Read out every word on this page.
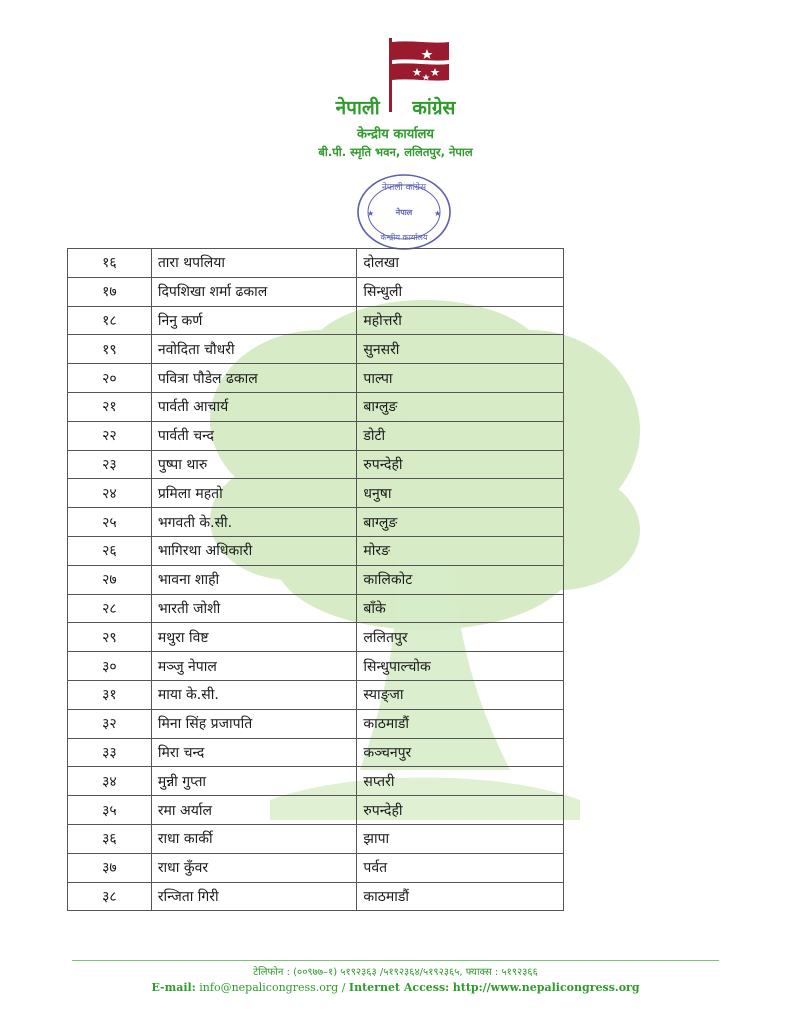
नेपाली कांग्रेस
केन्द्रीय कार्यालय
बी.पी. स्मृति भवन, ललितपुर, नेपाल
नेपाली कांग्रेस
नेपाल
केन्द्रीय कार्यालय
★	★
१६	तारा थपलिया	दोलखा
१७	दिपशिखा शर्मा ढकाल	सिन्धुली
१८	निनु कर्ण	महोत्तरी
१९	नवोदिता चौधरी	सुनसरी
२०	पवित्रा पौडेल ढकाल	पाल्पा
२१	पार्वती आचार्य	बाग्लुङ
२२	पार्वती चन्द	डोटी
२३	पुष्पा थारु	रुपन्देही
२४	प्रमिला महतो	धनुषा
२५	भगवती के.सी.	बाग्लुङ
२६	भागिरथा अधिकारी	मोरङ
२७	भावना शाही	कालिकोट
२८	भारती जोशी	बाँके
२९	मथुरा विष्ट	ललितपुर
३०	मञ्जु नेपाल	सिन्धुपाल्चोक
३१	माया के.सी.	स्याङ्जा
३२	मिना सिंह प्रजापति	काठमाडौं
३३	मिरा चन्द	कञ्चनपुर
३४	मुन्नी गुप्ता	सप्तरी
३५	रमा अर्याल	रुपन्देही
३६	राधा कार्की	झापा
३७	राधा कुँवर	पर्वत
३८	रन्जिता गिरी	काठमाडौं
टेलिफोन : (००९७७–१) ५१९२३६३ /५१९२३६४/५१९२३६५, फ्याक्स : ५१९२३६६
E-mail: info@nepalicongress.org / Internet Access: http://www.nepalicongress.org
